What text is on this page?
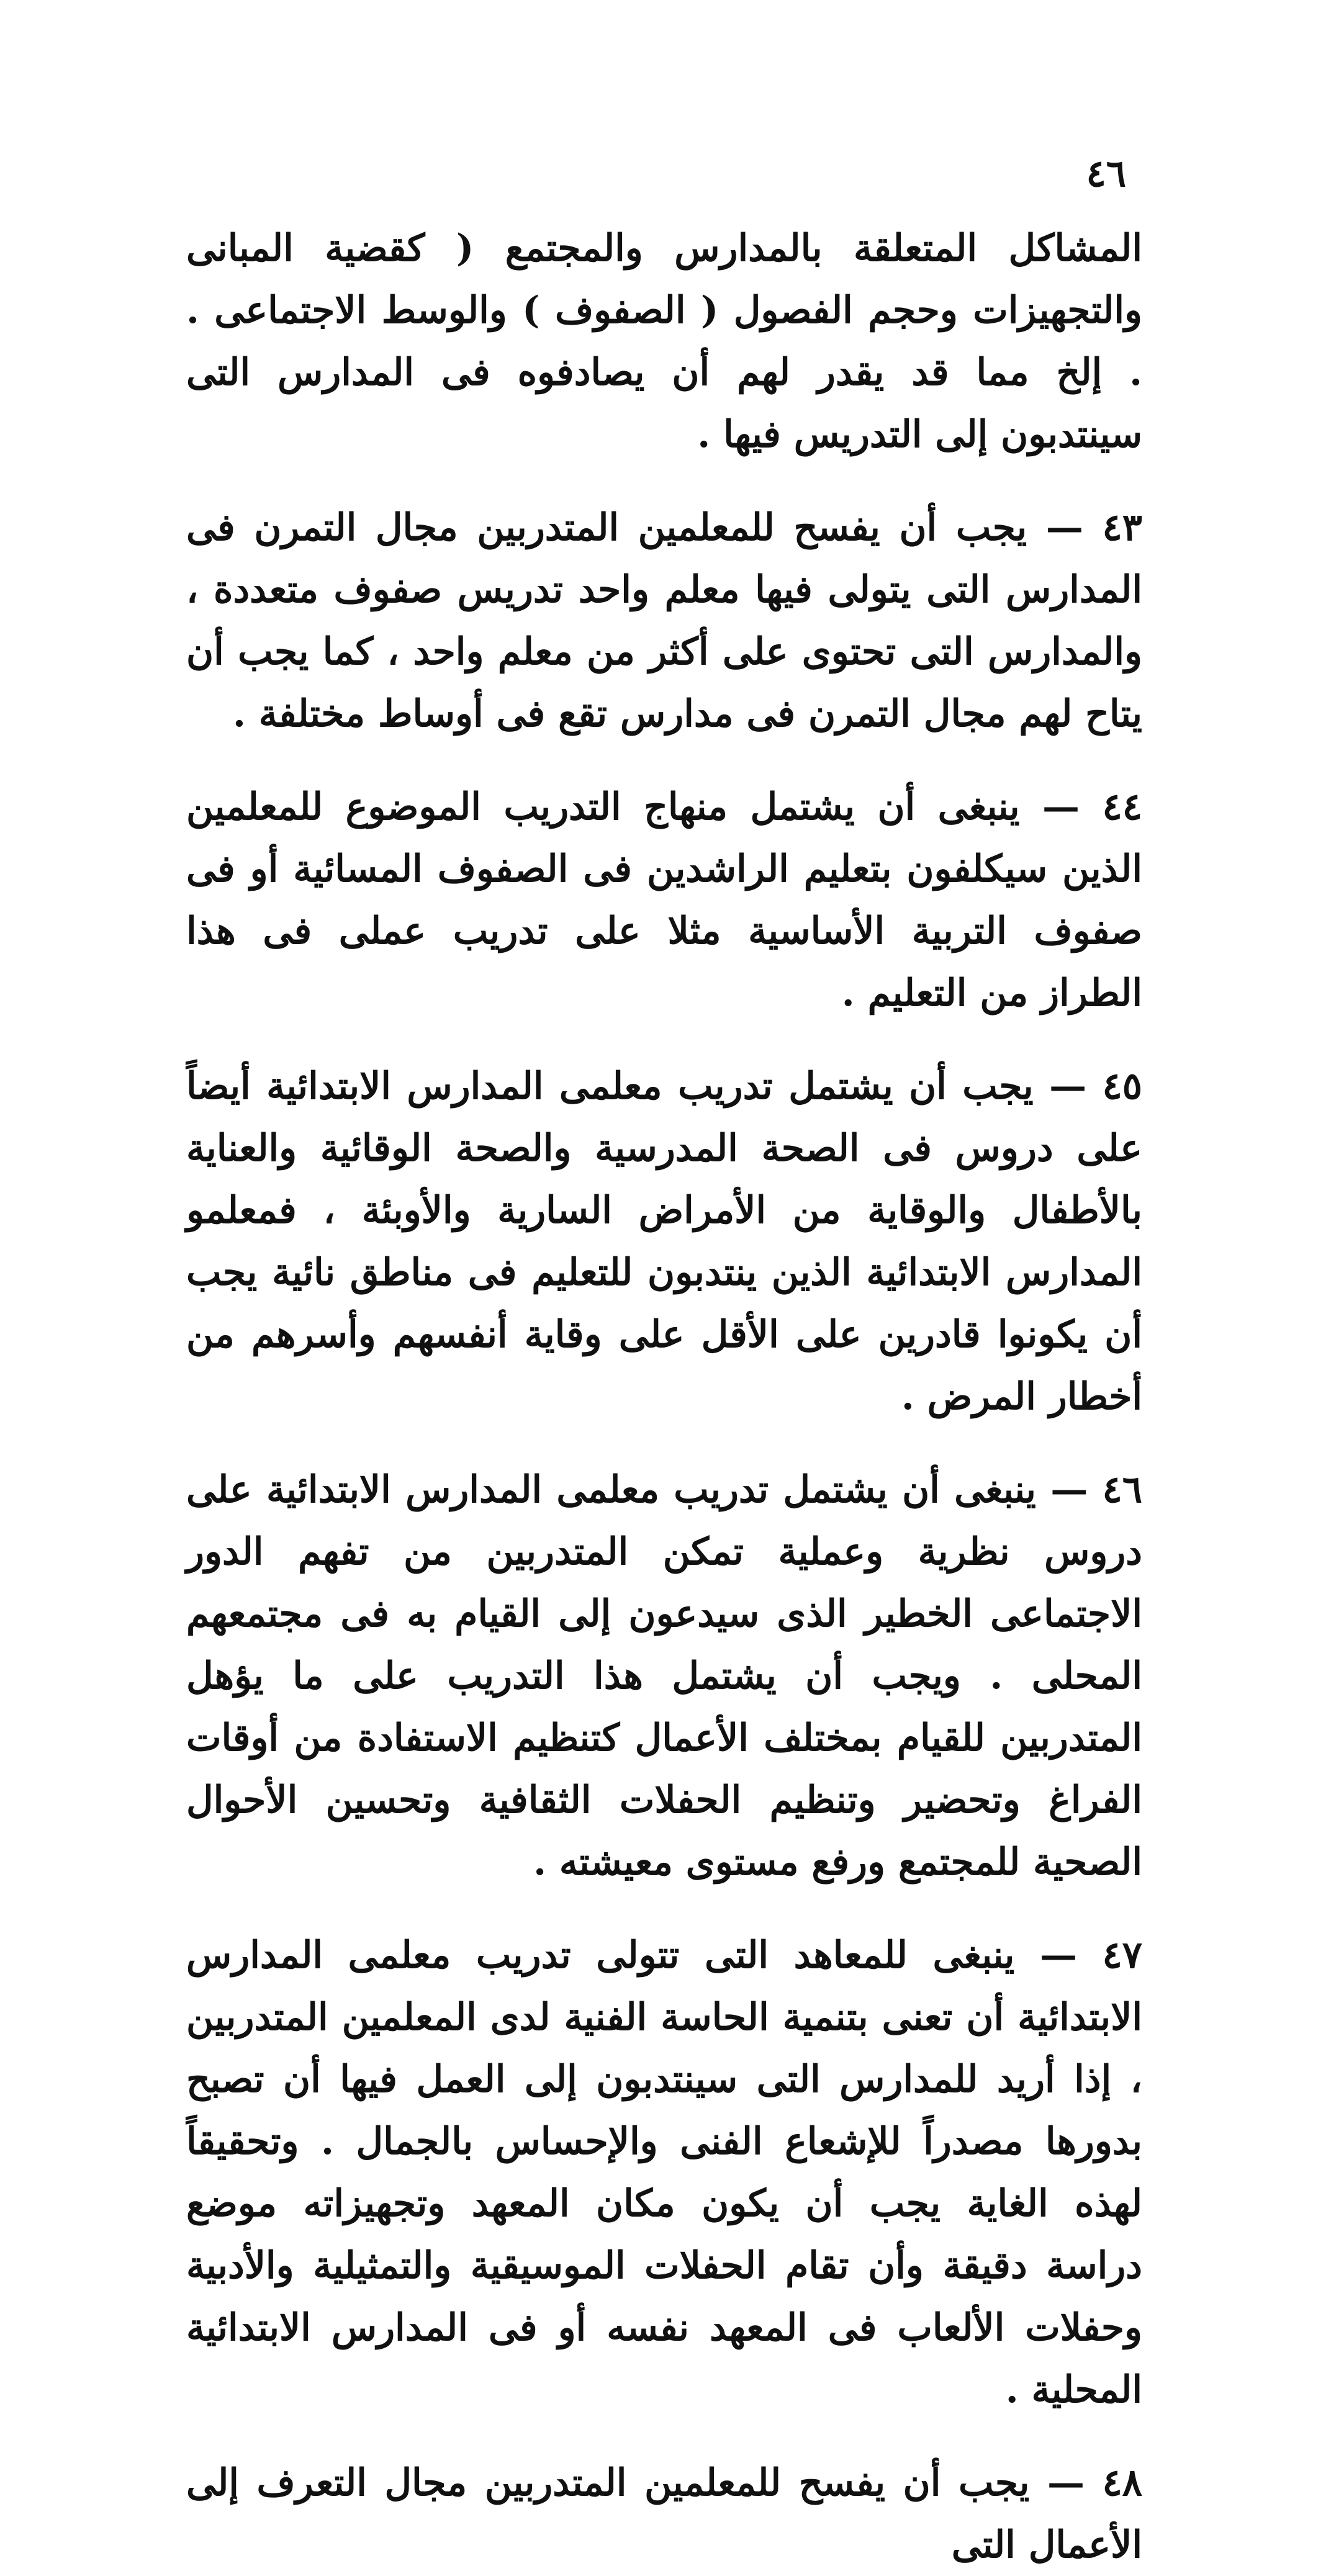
٤٦

المشاكل المتعلقة بالمدارس والمجتمع ( كقضية المبانى والتجهيزات وحجم الفصول ( الصفوف ) والوسط الاجتماعى . . إلخ مما قد يقدر لهم أن يصادفوه فى المدارس التى سينتدبون إلى التدريس فيها .

٤٣ — يجب أن يفسح للمعلمين المتدربين مجال التمرن فى المدارس التى يتولى فيها معلم واحد تدريس صفوف متعددة ، والمدارس التى تحتوى على أكثر من معلم واحد ، كما يجب أن يتاح لهم مجال التمرن فى مدارس تقع فى أوساط مختلفة .

٤٤ — ينبغى أن يشتمل منهاج التدريب الموضوع للمعلمين الذين سيكلفون بتعليم الراشدين فى الصفوف المسائية أو فى صفوف التربية الأساسية مثلا على تدريب عملى فى هذا الطراز من التعليم .

٤٥ — يجب أن يشتمل تدريب معلمى المدارس الابتدائية أيضاً على دروس فى الصحة المدرسية والصحة الوقائية والعناية بالأطفال والوقاية من الأمراض السارية والأوبئة ، فمعلمو المدارس الابتدائية الذين ينتدبون للتعليم فى مناطق نائية يجب أن يكونوا قادرين على الأقل على وقاية أنفسهم وأسرهم من أخطار المرض .

٤٦ — ينبغى أن يشتمل تدريب معلمى المدارس الابتدائية على دروس نظرية وعملية تمكن المتدربين من تفهم الدور الاجتماعى الخطير الذى سيدعون إلى القيام به فى مجتمعهم المحلى . ويجب أن يشتمل هذا التدريب على ما يؤهل المتدربين للقيام بمختلف الأعمال كتنظيم الاستفادة من أوقات الفراغ وتحضير وتنظيم الحفلات الثقافية وتحسين الأحوال الصحية للمجتمع ورفع مستوى معيشته .

٤٧ — ينبغى للمعاهد التى تتولى تدريب معلمى المدارس الابتدائية أن تعنى بتنمية الحاسة الفنية لدى المعلمين المتدربين ، إذا أريد للمدارس التى سينتدبون إلى العمل فيها أن تصبح بدورها مصدراً للإشعاع الفنى والإحساس بالجمال . وتحقيقاً لهذه الغاية يجب أن يكون مكان المعهد وتجهيزاته موضع دراسة دقيقة وأن تقام الحفلات الموسيقية والتمثيلية والأدبية وحفلات الألعاب فى المعهد نفسه أو فى المدارس الابتدائية المحلية .

٤٨ — يجب أن يفسح للمعلمين المتدربين مجال التعرف إلى الأعمال التى
